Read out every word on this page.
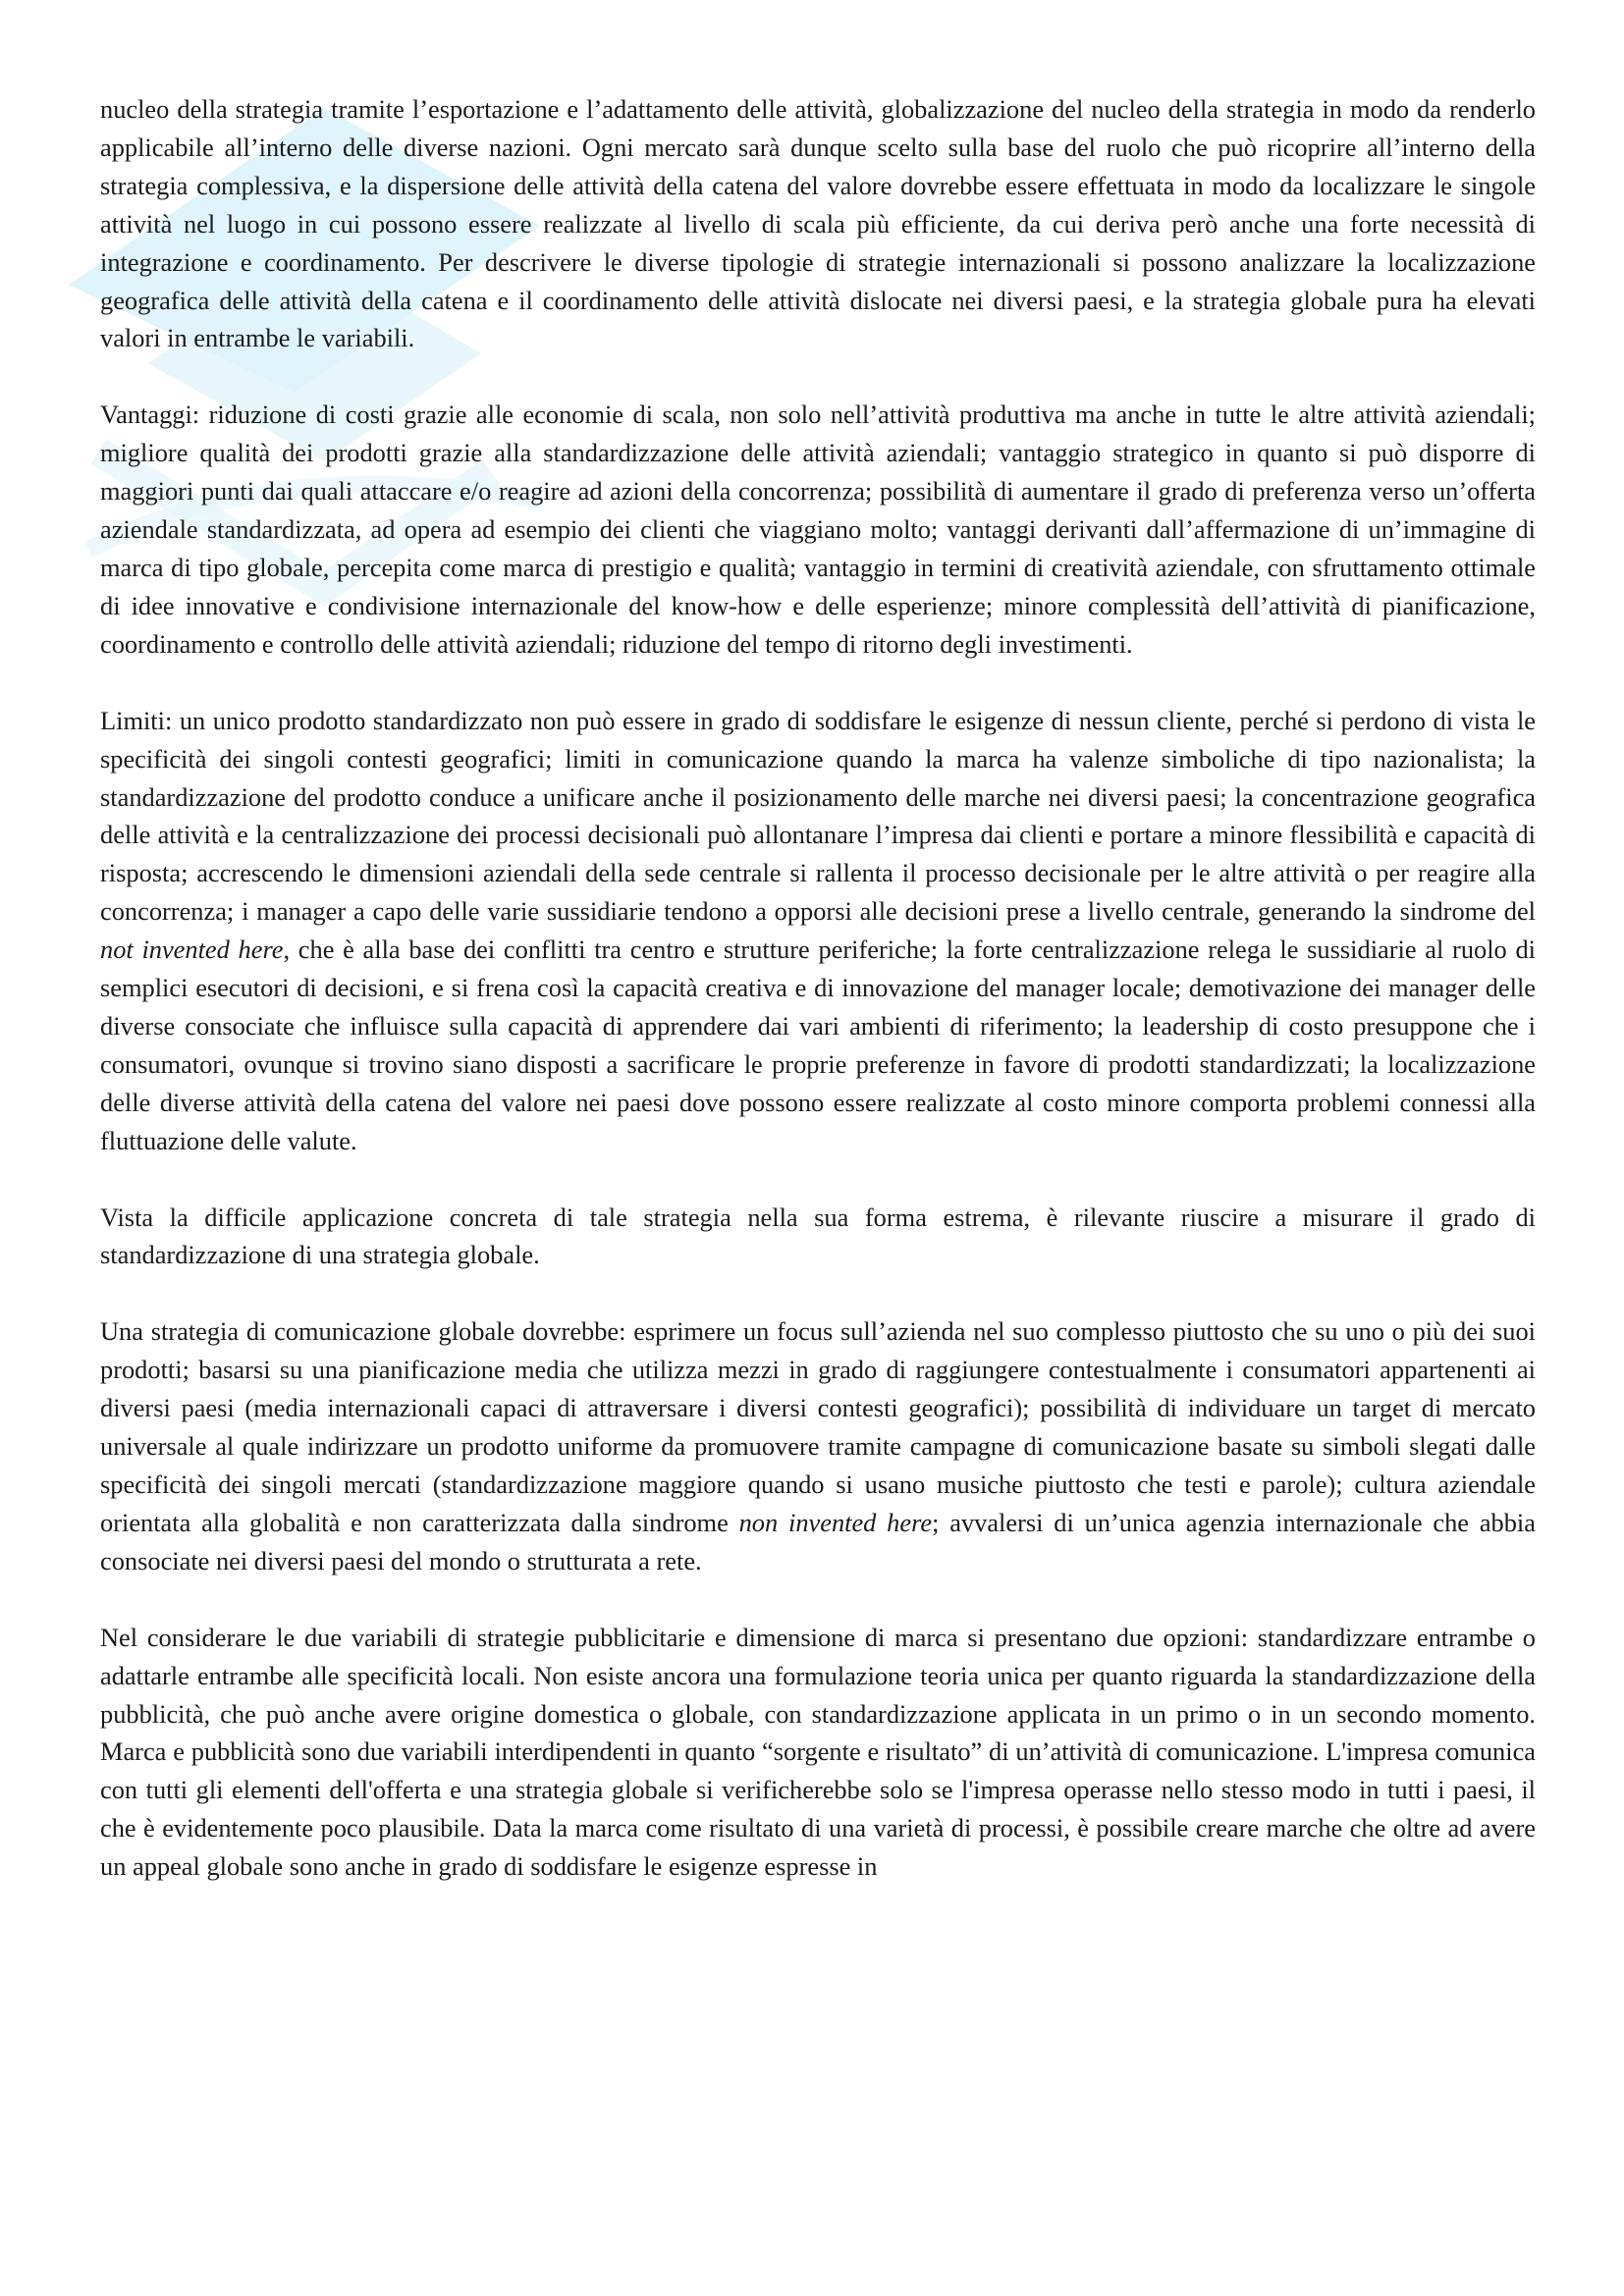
nucleo della strategia tramite l’esportazione e l’adattamento delle attività, globalizzazione del nucleo della strategia in modo da renderlo applicabile all’interno delle diverse nazioni. Ogni mercato sarà dunque scelto sulla base del ruolo che può ricoprire all’interno della strategia complessiva, e la dispersione delle attività della catena del valore dovrebbe essere effettuata in modo da localizzare le singole attività nel luogo in cui possono essere realizzate al livello di scala più efficiente, da cui deriva però anche una forte necessità di integrazione e coordinamento. Per descrivere le diverse tipologie di strategie internazionali si possono analizzare la localizzazione geografica delle attività della catena e il coordinamento delle attività dislocate nei diversi paesi, e la strategia globale pura ha elevati valori in entrambe le variabili.

Vantaggi: riduzione di costi grazie alle economie di scala, non solo nell’attività produttiva ma anche in tutte le altre attività aziendali; migliore qualità dei prodotti grazie alla standardizzazione delle attività aziendali; vantaggio strategico in quanto si può disporre di maggiori punti dai quali attaccare e/o reagire ad azioni della concorrenza; possibilità di aumentare il grado di preferenza verso un’offerta aziendale standardizzata, ad opera ad esempio dei clienti che viaggiano molto; vantaggi derivanti dall’affermazione di un’immagine di marca di tipo globale, percepita come marca di prestigio e qualità; vantaggio in termini di creatività aziendale, con sfruttamento ottimale di idee innovative e condivisione internazionale del know-how e delle esperienze; minore complessità dell’attività di pianificazione, coordinamento e controllo delle attività aziendali; riduzione del tempo di ritorno degli investimenti.

Limiti: un unico prodotto standardizzato non può essere in grado di soddisfare le esigenze di nessun cliente, perché si perdono di vista le specificità dei singoli contesti geografici; limiti in comunicazione quando la marca ha valenze simboliche di tipo nazionalista; la standardizzazione del prodotto conduce a unificare anche il posizionamento delle marche nei diversi paesi; la concentrazione geografica delle attività e la centralizzazione dei processi decisionali può allontanare l’impresa dai clienti e portare a minore flessibilità e capacità di risposta; accrescendo le dimensioni aziendali della sede centrale si rallenta il processo decisionale per le altre attività o per reagire alla concorrenza; i manager a capo delle varie sussidiarie tendono a opporsi alle decisioni prese a livello centrale, generando la sindrome del not invented here, che è alla base dei conflitti tra centro e strutture periferiche; la forte centralizzazione relega le sussidiarie al ruolo di semplici esecutori di decisioni, e si frena così la capacità creativa e di innovazione del manager locale; demotivazione dei manager delle diverse consociate che influisce sulla capacità di apprendere dai vari ambienti di riferimento; la leadership di costo presuppone che i consumatori, ovunque si trovino siano disposti a sacrificare le proprie preferenze in favore di prodotti standardizzati; la localizzazione delle diverse attività della catena del valore nei paesi dove possono essere realizzate al costo minore comporta problemi connessi alla fluttuazione delle valute.

Vista la difficile applicazione concreta di tale strategia nella sua forma estrema, è rilevante riuscire a misurare il grado di standardizzazione di una strategia globale.

Una strategia di comunicazione globale dovrebbe: esprimere un focus sull’azienda nel suo complesso piuttosto che su uno o più dei suoi prodotti; basarsi su una pianificazione media che utilizza mezzi in grado di raggiungere contestualmente i consumatori appartenenti ai diversi paesi (media internazionali capaci di attraversare i diversi contesti geografici); possibilità di individuare un target di mercato universale al quale indirizzare un prodotto uniforme da promuovere tramite campagne di comunicazione basate su simboli slegati dalle specificità dei singoli mercati (standardizzazione maggiore quando si usano musiche piuttosto che testi e parole); cultura aziendale orientata alla globalità e non caratterizzata dalla sindrome non invented here; avvalersi di un’unica agenzia internazionale che abbia consociate nei diversi paesi del mondo o strutturata a rete.

Nel considerare le due variabili di strategie pubblicitarie e dimensione di marca si presentano due opzioni: standardizzare entrambe o adattarle entrambe alle specificità locali. Non esiste ancora una formulazione teoria unica per quanto riguarda la standardizzazione della pubblicità, che può anche avere origine domestica o globale, con standardizzazione applicata in un primo o in un secondo momento. Marca e pubblicità sono due variabili interdipendenti in quanto “sorgente e risultato” di un’attività di comunicazione. L'impresa comunica con tutti gli elementi dell'offerta e una strategia globale si verificherebbe solo se l'impresa operasse nello stesso modo in tutti i paesi, il che è evidentemente poco plausibile. Data la marca come risultato di una varietà di processi, è possibile creare marche che oltre ad avere un appeal globale sono anche in grado di soddisfare le esigenze espresse in
